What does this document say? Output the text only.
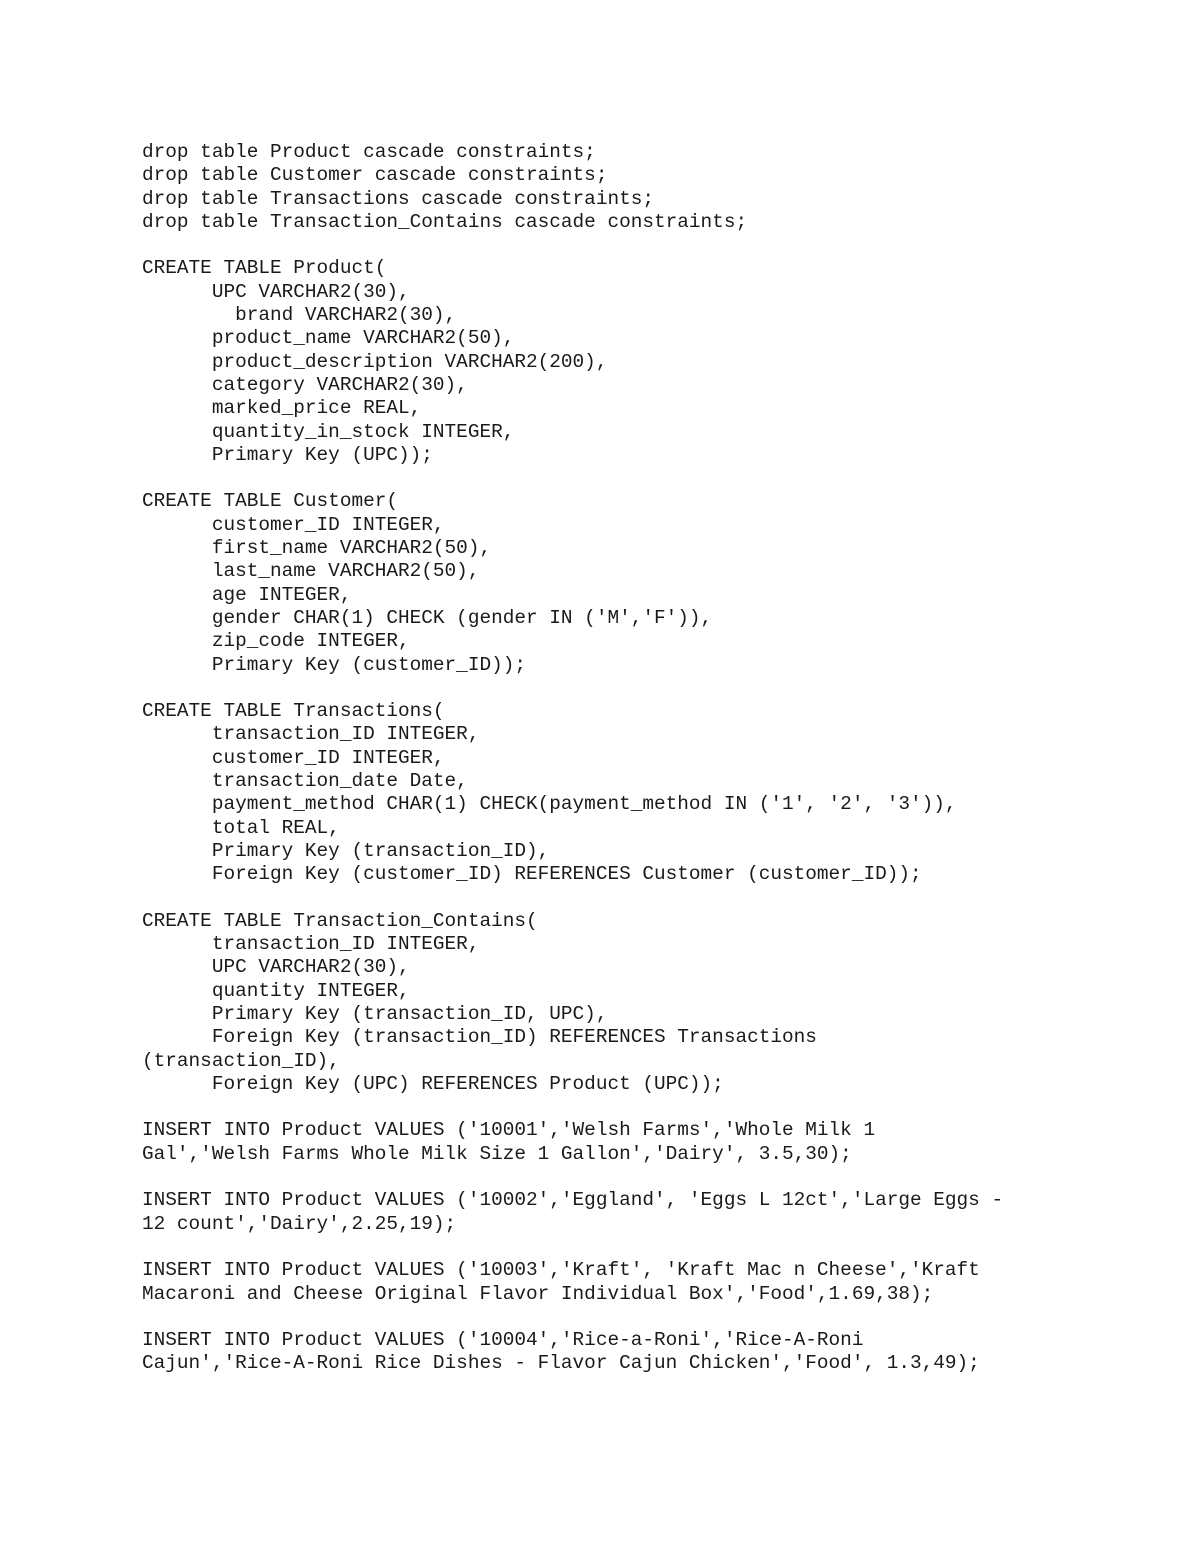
drop table Product cascade constraints;
drop table Customer cascade constraints;
drop table Transactions cascade constraints;
drop table Transaction_Contains cascade constraints;
CREATE TABLE Product(
UPC VARCHAR2(30),
brand VARCHAR2(30),
product_name VARCHAR2(50),
product_description VARCHAR2(200),
category VARCHAR2(30),
marked_price REAL,
quantity_in_stock INTEGER,
Primary Key (UPC));
CREATE TABLE Customer(
customer_ID INTEGER,
first_name VARCHAR2(50),
last_name VARCHAR2(50),
age INTEGER,
gender CHAR(1) CHECK (gender IN ('M','F')),
zip_code INTEGER,
Primary Key (customer_ID));
CREATE TABLE Transactions(
transaction_ID INTEGER,
customer_ID INTEGER,
transaction_date Date,
payment_method CHAR(1) CHECK(payment_method IN ('1', '2', '3')),
total REAL,
Primary Key (transaction_ID),
Foreign Key (customer_ID) REFERENCES Customer (customer_ID));
CREATE TABLE Transaction_Contains(
transaction_ID INTEGER,
UPC VARCHAR2(30),
quantity INTEGER,
Primary Key (transaction_ID, UPC),
Foreign Key (transaction_ID) REFERENCES Transactions
(transaction_ID),
Foreign Key (UPC) REFERENCES Product (UPC));
INSERT INTO Product VALUES ('10001','Welsh Farms','Whole Milk 1
Gal','Welsh Farms Whole Milk Size 1 Gallon','Dairy', 3.5,30);
INSERT INTO Product VALUES ('10002','Eggland', 'Eggs L 12ct','Large Eggs -
12 count','Dairy',2.25,19);
INSERT INTO Product VALUES ('10003','Kraft', 'Kraft Mac n Cheese','Kraft
Macaroni and Cheese Original Flavor Individual Box','Food',1.69,38);
INSERT INTO Product VALUES ('10004','Rice-a-Roni','Rice-A-Roni
Cajun','Rice-A-Roni Rice Dishes - Flavor Cajun Chicken','Food', 1.3,49);
